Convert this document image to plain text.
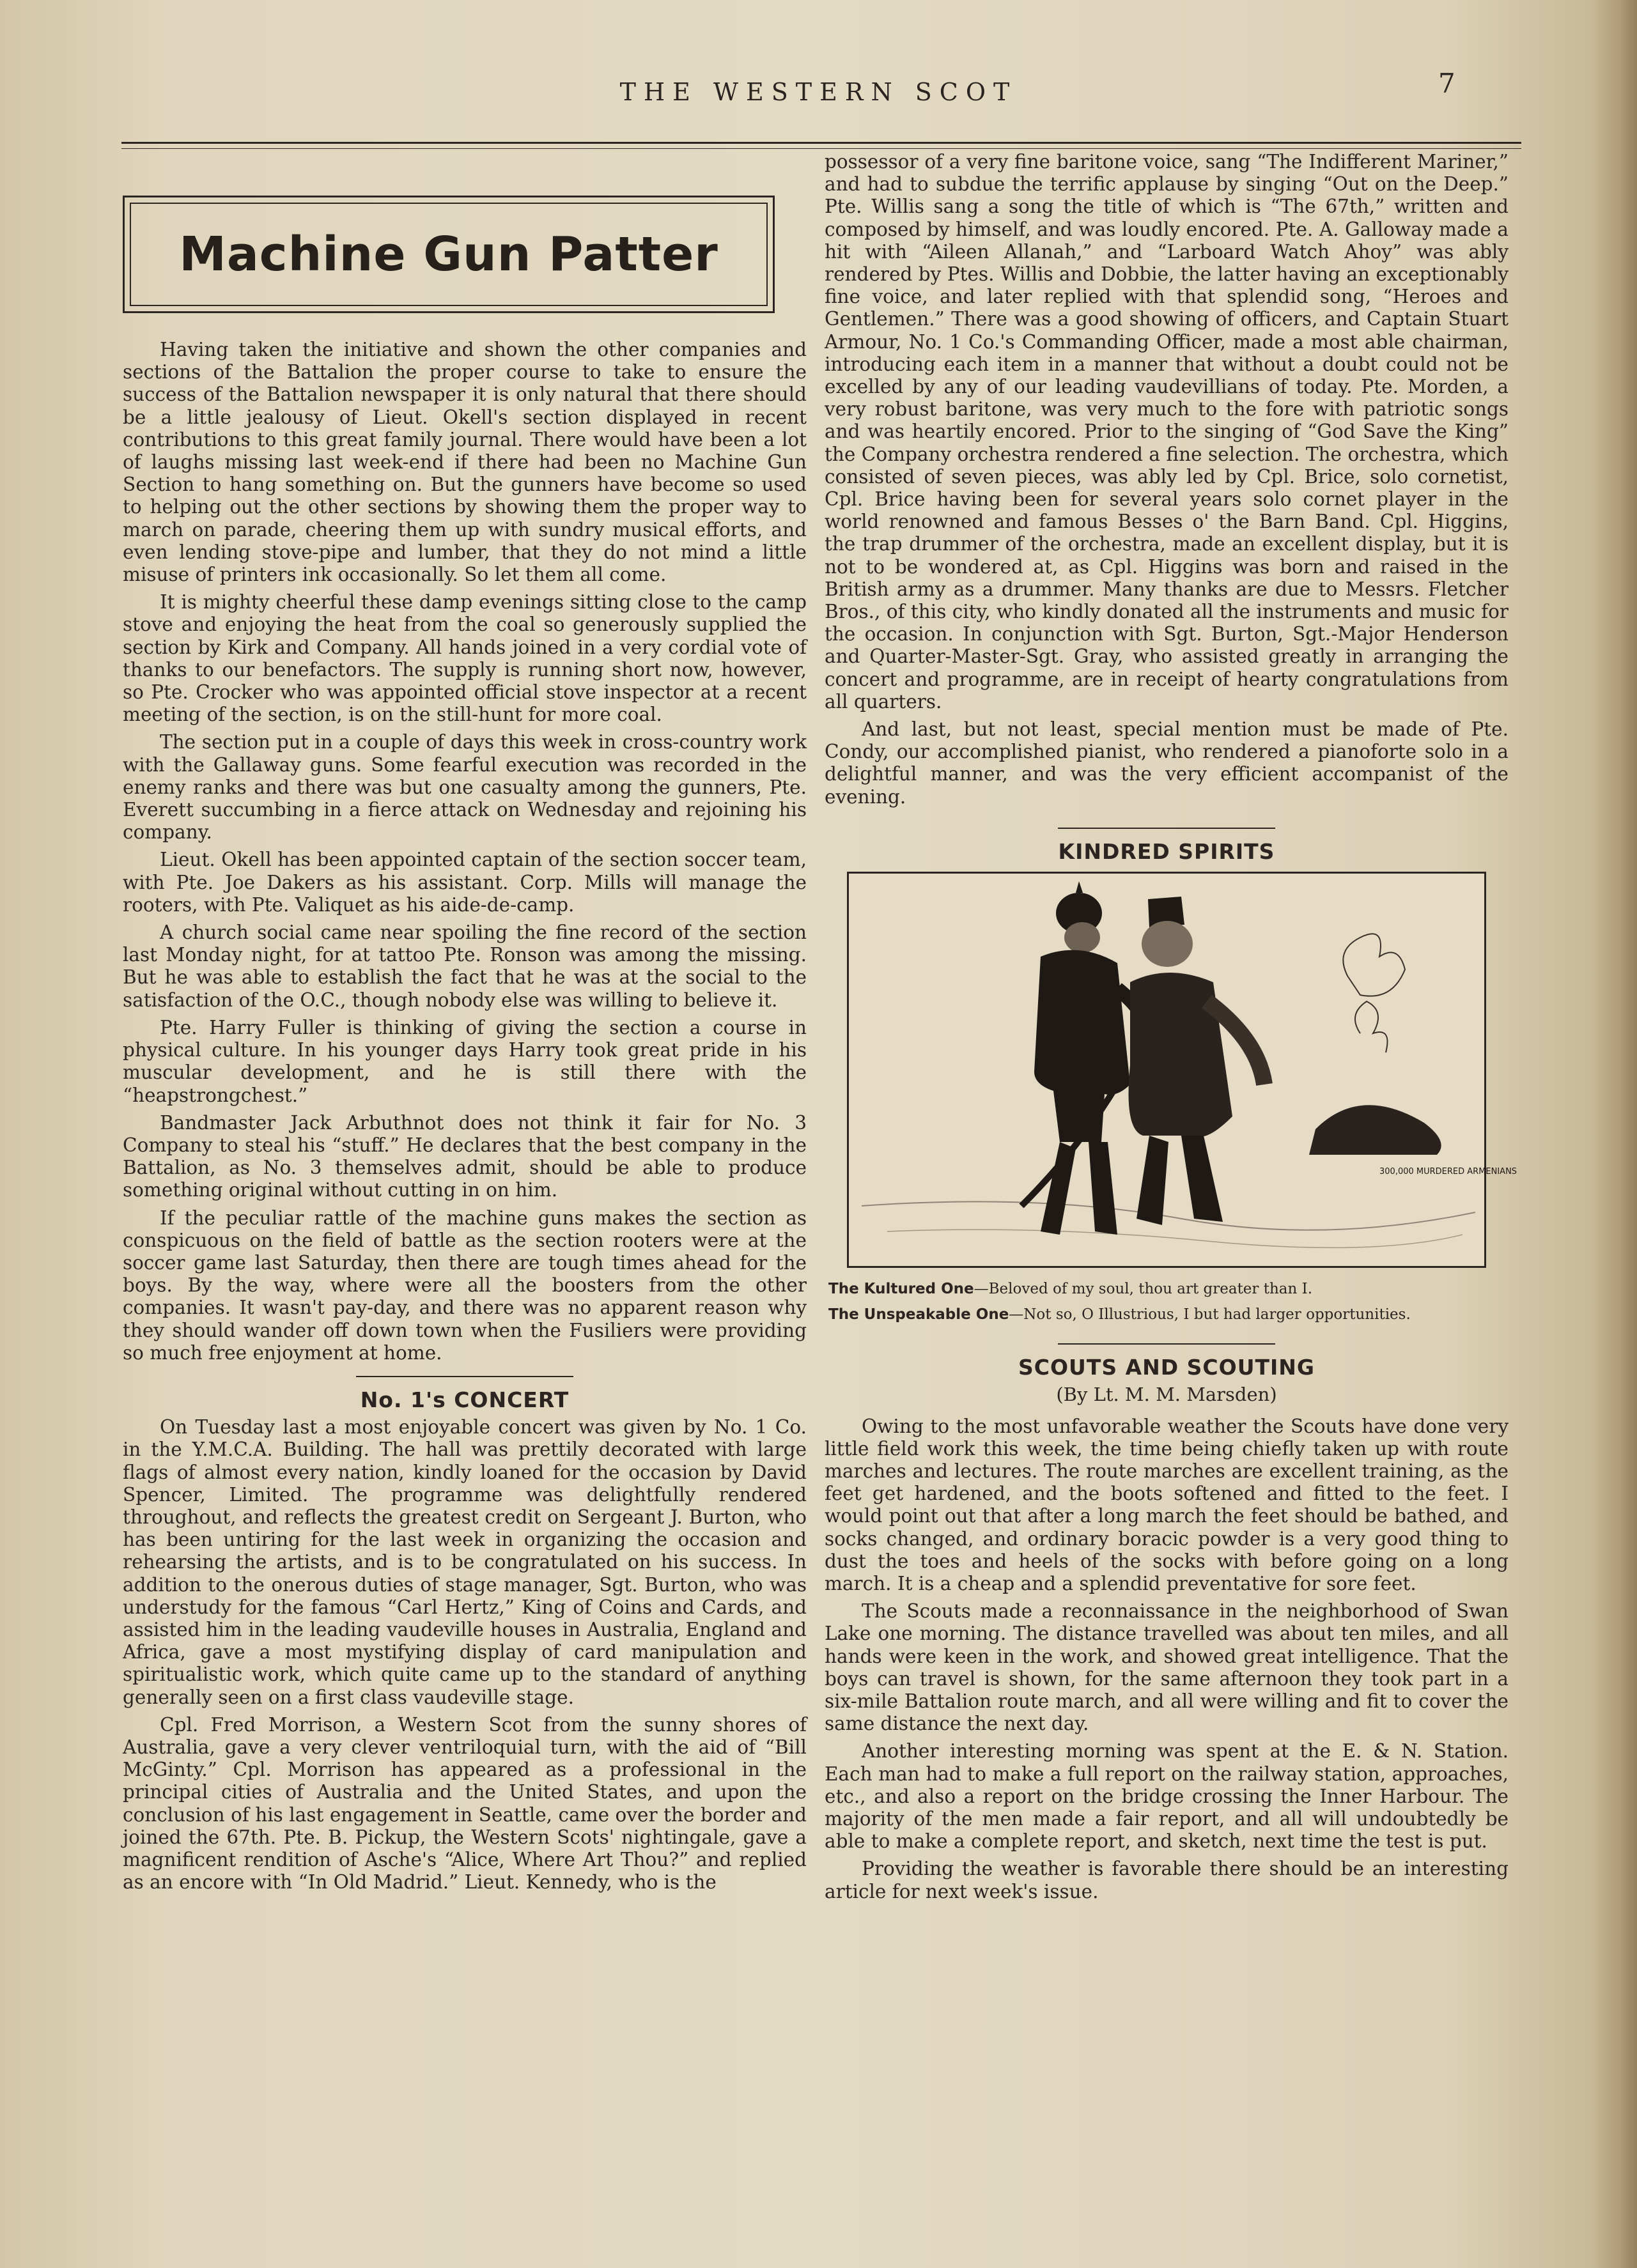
THE WESTERN SCOT	7
Machine Gun Patter

Having taken the initiative and shown the other companies and sections of the Battalion the proper course to take to ensure the success of the Battalion newspaper it is only natural that there should be a little jealousy of Lieut. Okell's section displayed in recent contributions to this great family journal. There would have been a lot of laughs missing last week-end if there had been no Machine Gun Section to hang something on. But the gunners have become so used to helping out the other sections by showing them the proper way to march on parade, cheering them up with sundry musical efforts, and even lending stove-pipe and lumber, that they do not mind a little misuse of printers ink occasionally. So let them all come.

It is mighty cheerful these damp evenings sitting close to the camp stove and enjoying the heat from the coal so generously supplied the section by Kirk and Company. All hands joined in a very cordial vote of thanks to our benefactors. The supply is running short now, however, so Pte. Crocker who was appointed official stove inspector at a recent meeting of the section, is on the still-hunt for more coal.

The section put in a couple of days this week in cross-country work with the Gallaway guns. Some fearful execution was recorded in the enemy ranks and there was but one casualty among the gunners, Pte. Everett succumbing in a fierce attack on Wednesday and rejoining his company.

Lieut. Okell has been appointed captain of the section soccer team, with Pte. Joe Dakers as his assistant. Corp. Mills will manage the rooters, with Pte. Valiquet as his aide-de-camp.

A church social came near spoiling the fine record of the section last Monday night, for at tattoo Pte. Ronson was among the missing. But he was able to establish the fact that he was at the social to the satisfaction of the O.C., though nobody else was willing to believe it.

Pte. Harry Fuller is thinking of giving the section a course in physical culture. In his younger days Harry took great pride in his muscular development, and he is still there with the “heapstrongchest.”

Bandmaster Jack Arbuthnot does not think it fair for No. 3 Company to steal his “stuff.” He declares that the best company in the Battalion, as No. 3 themselves admit, should be able to produce something original without cutting in on him.

If the peculiar rattle of the machine guns makes the section as conspicuous on the field of battle as the section rooters were at the soccer game last Saturday, then there are tough times ahead for the boys. By the way, where were all the boosters from the other companies. It wasn't pay-day, and there was no apparent reason why they should wander off down town when the Fusiliers were providing so much free enjoyment at home.

No. 1's CONCERT

On Tuesday last a most enjoyable concert was given by No. 1 Co. in the Y.M.C.A. Building. The hall was prettily decorated with large flags of almost every nation, kindly loaned for the occasion by David Spencer, Limited. The programme was delightfully rendered throughout, and reflects the greatest credit on Sergeant J. Burton, who has been untiring for the last week in organizing the occasion and rehearsing the artists, and is to be congratulated on his success. In addition to the onerous duties of stage manager, Sgt. Burton, who was understudy for the famous “Carl Hertz,” King of Coins and Cards, and assisted him in the leading vaudeville houses in Australia, England and Africa, gave a most mystifying display of card manipulation and spiritualistic work, which quite came up to the standard of anything generally seen on a first class vaudeville stage.

Cpl. Fred Morrison, a Western Scot from the sunny shores of Australia, gave a very clever ventriloquial turn, with the aid of “Bill McGinty.” Cpl. Morrison has appeared as a professional in the principal cities of Australia and the United States, and upon the conclusion of his last engagement in Seattle, came over the border and joined the 67th. Pte. B. Pickup, the Western Scots' nightingale, gave a magnificent rendition of Asche's “Alice, Where Art Thou?” and replied as an encore with “In Old Madrid.” Lieut. Kennedy, who is the

possessor of a very fine baritone voice, sang “The Indifferent Mariner,” and had to subdue the terrific applause by singing “Out on the Deep.” Pte. Willis sang a song the title of which is “The 67th,” written and composed by himself, and was loudly encored. Pte. A. Galloway made a hit with “Aileen Allanah,” and “Larboard Watch Ahoy” was ably rendered by Ptes. Willis and Dobbie, the latter having an exceptionably fine voice, and later replied with that splendid song, “Heroes and Gentlemen.” There was a good showing of officers, and Captain Stuart Armour, No. 1 Co.'s Commanding Officer, made a most able chairman, introducing each item in a manner that without a doubt could not be excelled by any of our leading vaudevillians of today. Pte. Morden, a very robust baritone, was very much to the fore with patriotic songs and was heartily encored. Prior to the singing of “God Save the King” the Company orchestra rendered a fine selection. The orchestra, which consisted of seven pieces, was ably led by Cpl. Brice, solo cornetist, Cpl. Brice having been for several years solo cornet player in the world renowned and famous Besses o' the Barn Band. Cpl. Higgins, the trap drummer of the orchestra, made an excellent display, but it is not to be wondered at, as Cpl. Higgins was born and raised in the British army as a drummer. Many thanks are due to Messrs. Fletcher Bros., of this city, who kindly donated all the instruments and music for the occasion. In conjunction with Sgt. Burton, Sgt.-Major Henderson and Quarter-Master-Sgt. Gray, who assisted greatly in arranging the concert and programme, are in receipt of hearty congratulations from all quarters.

And last, but not least, special mention must be made of Pte. Condy, our accomplished pianist, who rendered a pianoforte solo in a delightful manner, and was the very efficient accompanist of the evening.

KINDRED SPIRITS
300,000 MURDERED ARMENIANS
The Kultured One—Beloved of my soul, thou art greater than I.
The Unspeakable One—Not so, O Illustrious, I but had larger opportunities.
SCOUTS AND SCOUTING
(By Lt. M. M. Marsden)

Owing to the most unfavorable weather the Scouts have done very little field work this week, the time being chiefly taken up with route marches and lectures. The route marches are excellent training, as the feet get hardened, and the boots softened and fitted to the feet. I would point out that after a long march the feet should be bathed, and socks changed, and ordinary boracic powder is a very good thing to dust the toes and heels of the socks with before going on a long march. It is a cheap and a splendid preventative for sore feet.

The Scouts made a reconnaissance in the neighborhood of Swan Lake one morning. The distance travelled was about ten miles, and all hands were keen in the work, and showed great intelligence. That the boys can travel is shown, for the same afternoon they took part in a six-mile Battalion route march, and all were willing and fit to cover the same distance the next day.

Another interesting morning was spent at the E. & N. Station. Each man had to make a full report on the railway station, approaches, etc., and also a report on the bridge crossing the Inner Harbour. The majority of the men made a fair report, and all will undoubtedly be able to make a complete report, and sketch, next time the test is put.

Providing the weather is favorable there should be an interesting article for next week's issue.
